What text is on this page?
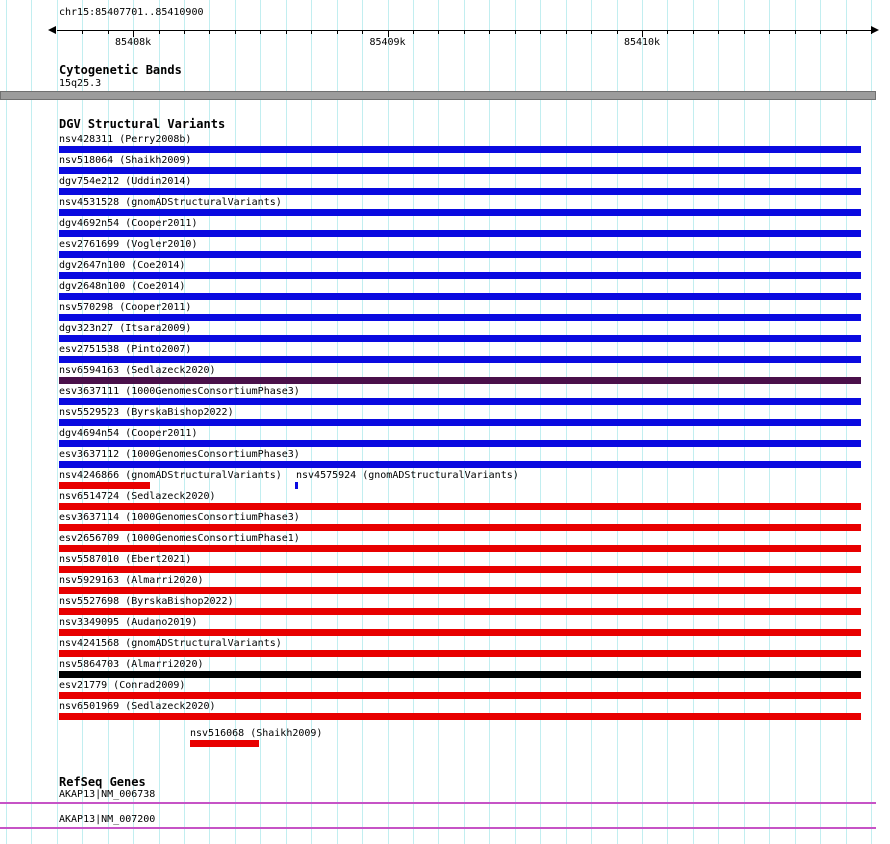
chr15:85407701..85410900
85408k	85409k	85410k
Cytogenetic Bands
15q25.3
DGV Structural Variants
nsv428311 (Perry2008b)
nsv518064 (Shaikh2009)
dgv754e212 (Uddin2014)
nsv4531528 (gnomADStructuralVariants)
dgv4692n54 (Cooper2011)
esv2761699 (Vogler2010)
dgv2647n100 (Coe2014)
dgv2648n100 (Coe2014)
nsv570298 (Cooper2011)
dgv323n27 (Itsara2009)
esv2751538 (Pinto2007)
nsv6594163 (Sedlazeck2020)
esv3637111 (1000GenomesConsortiumPhase3)
nsv5529523 (ByrskaBishop2022)
dgv4694n54 (Cooper2011)
esv3637112 (1000GenomesConsortiumPhase3)
nsv4246866 (gnomADStructuralVariants) nsv4575924 (gnomADStructuralVariants)
nsv6514724 (Sedlazeck2020)
esv3637114 (1000GenomesConsortiumPhase3)
esv2656709 (1000GenomesConsortiumPhase1)
nsv5587010 (Ebert2021)
nsv5929163 (Almarri2020)
nsv5527698 (ByrskaBishop2022)
nsv3349095 (Audano2019)
nsv4241568 (gnomADStructuralVariants)
nsv5864703 (Almarri2020)
esv21779 (Conrad2009)
nsv6501969 (Sedlazeck2020)
nsv516068 (Shaikh2009)
RefSeq Genes
AKAP13|NM_006738
AKAP13|NM_007200
